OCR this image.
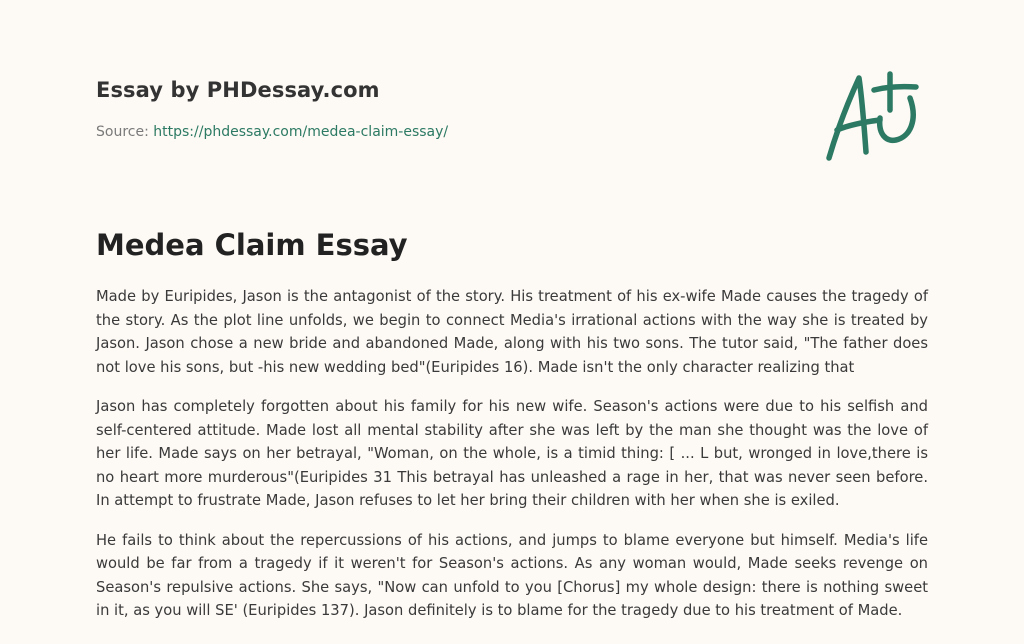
Essay by PHDessay.com
Source: https://phdessay.com/medea-claim-essay/
Medea Claim Essay

Made by Euripides, Jason is the antagonist of the story. His treatment of his ex-wife Made causes the tragedy of the story. As the plot line unfolds, we begin to connect Media's irrational actions with the way she is treated by Jason. Jason chose a new bride and abandoned Made, along with his two sons. The tutor said, "The father does not love his sons, but -his new wedding bed"(Euripides 16). Made isn't the only character realizing that

Jason has completely forgotten about his family for his new wife. Season's actions were due to his selfish and self-centered attitude. Made lost all mental stability after she was left by the man she thought was the love of her life. Made says on her betrayal, "Woman, on the whole, is a timid thing: [ ... L but, wronged in love,there is no heart more murderous"(Euripides 31 This betrayal has unleashed a rage in her, that was never seen before. In attempt to frustrate Made, Jason refuses to let her bring their children with her when she is exiled.

He fails to think about the repercussions of his actions, and jumps to blame everyone but himself. Media's life would be far from a tragedy if it weren't for Season's actions. As any woman would, Made seeks revenge on Season's repulsive actions. She says, "Now can unfold to you [Chorus] my whole design: there is nothing sweet in it, as you will SE' (Euripides 137). Jason definitely is to blame for the tragedy due to his treatment of Made.
